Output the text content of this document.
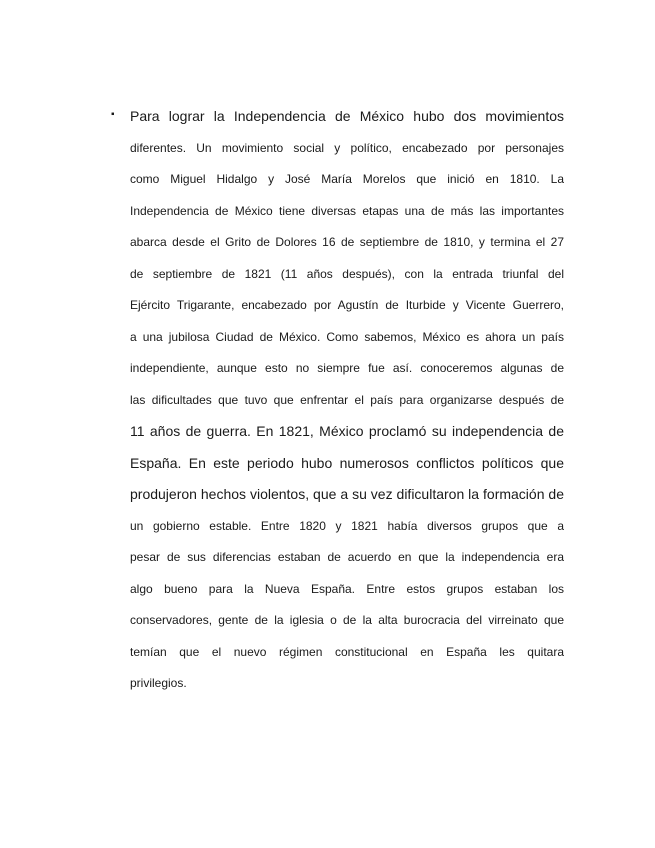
▪ Para lograr la Independencia de México hubo dos movimientos
diferentes. Un movimiento social y político, encabezado por personajes
como Miguel Hidalgo y José María Morelos que inició en 1810. La
Independencia de México tiene diversas etapas una de más las importantes
abarca desde el Grito de Dolores 16 de septiembre de 1810, y termina el 27
de septiembre de 1821 (11 años después), con la entrada triunfal del
Ejército Trigarante, encabezado por Agustín de Iturbide y Vicente Guerrero,
a una jubilosa Ciudad de México. Como sabemos, México es ahora un país
independiente, aunque esto no siempre fue así. conoceremos algunas de
las dificultades que tuvo que enfrentar el país para organizarse después de
11 años de guerra. En 1821, México proclamó su independencia de
España. En este periodo hubo numerosos conflictos políticos que
produjeron hechos violentos, que a su vez dificultaron la formación de
un gobierno estable. Entre 1820 y 1821 había diversos grupos que a
pesar de sus diferencias estaban de acuerdo en que la independencia era
algo bueno para la Nueva España. Entre estos grupos estaban los
conservadores, gente de la iglesia o de la alta burocracia del virreinato que
temían que el nuevo régimen constitucional en España les quitara
privilegios.
